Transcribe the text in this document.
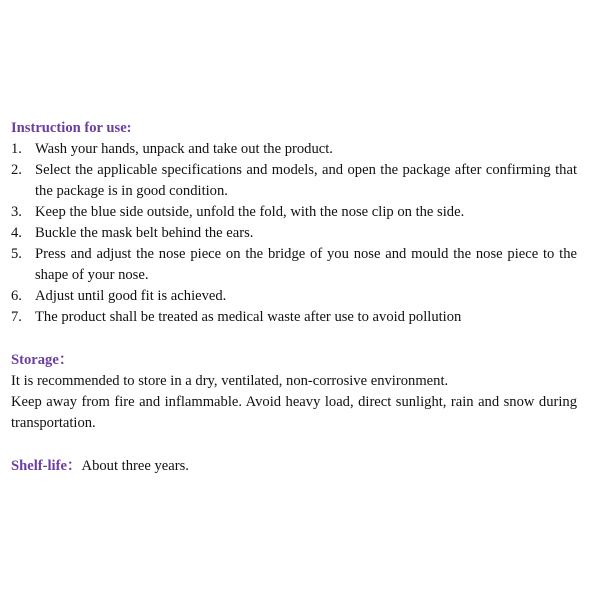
Instruction for use:
1. Wash your hands, unpack and take out the product.
2. Select the applicable specifications and models, and open the package after confirming that the package is in good condition.
3. Keep the blue side outside, unfold the fold, with the nose clip on the side.
4. Buckle the mask belt behind the ears.
5. Press and adjust the nose piece on the bridge of you nose and mould the nose piece to the shape of your nose.
6. Adjust until good fit is achieved.
7. The product shall be treated as medical waste after use to avoid pollution
Storage：

It is recommended to store in a dry, ventilated, non-corrosive environment.

Keep away from fire and inflammable. Avoid heavy load, direct sunlight, rain and snow during transportation.

Shelf-life：About three years.
